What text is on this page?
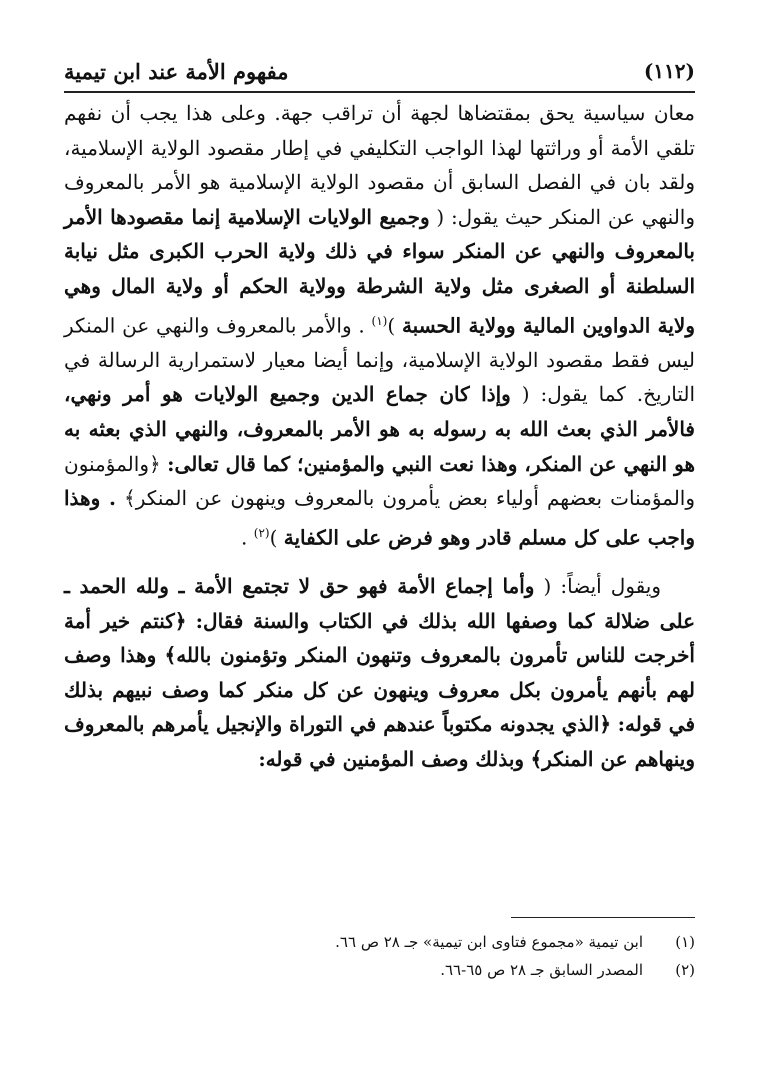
مفهوم الأمة عند ابن تيمية	(١١٢)

معان سياسية يحق بمقتضاها لجهة أن تراقب جهة. وعلى هذا يجب أن نفهم تلقي الأمة أو وراثتها لهذا الواجب التكليفي في إطار مقصود الولاية الإسلامية، ولقد بان في الفصل السابق أن مقصود الولاية الإسلامية هو الأمر بالمعروف والنهي عن المنكر حيث يقول: ( وجميع الولايات الإسلامية إنما مقصودها الأمر بالمعروف والنهي عن المنكر سواء في ذلك ولاية الحرب الكبرى مثل نيابة السلطنة أو الصغرى مثل ولاية الشرطة وولاية الحكم أو ولاية المال وهي ولاية الدواوين المالية وولاية الحسبة )$^{(١)}$ . والأمر بالمعروف والنهي عن المنكر ليس فقط مقصود الولاية الإسلامية، وإنما أيضا معيار لاستمرارية الرسالة في التاريخ. كما يقول: ( وإذا كان جماع الدين وجميع الولايات هو أمر ونهي، فالأمر الذي بعث الله به رسوله به هو الأمر بالمعروف، والنهي الذي بعثه به هو النهي عن المنكر، وهذا نعت النبي والمؤمنين؛ كما قال تعالى: ﴿والمؤمنون والمؤمنات بعضهم أولياء بعض يأمرون بالمعروف وينهون عن المنكر﴾ . وهذا واجب على كل مسلم قادر وهو فرض على الكفاية )$^{(٢)}$ .

ويقول أيضاً: ( وأما إجماع الأمة فهو حق لا تجتمع الأمة ـ ولله الحمد ـ على ضلالة كما وصفها الله بذلك في الكتاب والسنة فقال: ﴿كنتم خير أمة أخرجت للناس تأمرون بالمعروف وتنهون المنكر وتؤمنون بالله﴾ وهذا وصف لهم بأنهم يأمرون بكل معروف وينهون عن كل منكر كما وصف نبيهم بذلك في قوله: ﴿الذي يجدونه مكتوباً عندهم في التوراة والإنجيل يأمرهم بالمعروف وينهاهم عن المنكر﴾ وبذلك وصف المؤمنين في قوله:

(١)
ابن تيمية «مجموع فتاوى ابن تيمية» جـ ٢٨ ص ٦٦.
(٢)
المصدر السابق جـ ٢٨ ص ٦٥-٦٦.
